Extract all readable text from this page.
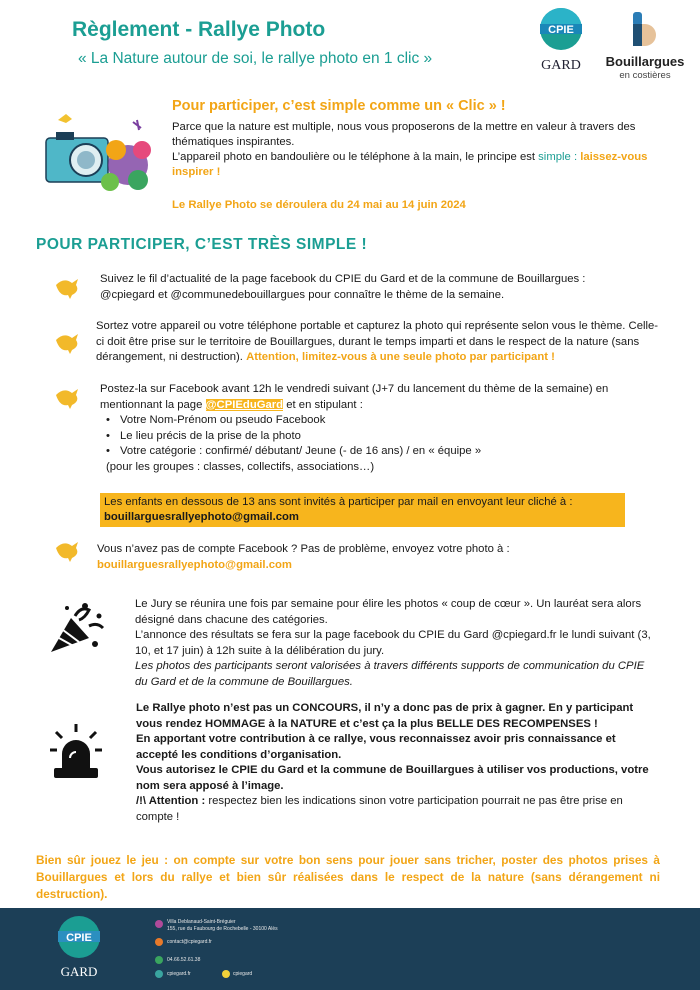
Règlement - Rallye Photo
« La Nature autour de soi, le rallye photo en 1 clic »
CPIE
GARD	Bouillargues
en costières
Pour participer, c’est simple comme un « Clic » !
Parce que la nature est multiple, nous vous proposerons de la mettre en valeur à travers des thématiques inspirantes.
L’appareil photo en bandoulière ou le téléphone à la main, le principe est simple : laissez-vous inspirer !
Le Rallye Photo se déroulera du 24 mai au 14 juin 2024
POUR PARTICIPER, C’EST TRÈS SIMPLE !
Suivez le fil d’actualité de la page facebook du CPIE du Gard et de la commune de Bouillargues : @cpiegard et @communedebouillargues pour connaître le thème de la semaine.
Sortez votre appareil ou votre téléphone portable et capturez la photo qui représente selon vous le thème. Celle-ci doit être prise sur le territoire de Bouillargues, durant le temps imparti et dans le respect de la nature (sans dérangement, ni destruction). Attention, limitez-vous à une seule photo par participant !
Postez-la sur Facebook avant 12h le vendredi suivant (J+7 du lancement du thème de la semaine) en mentionnant la page @CPIEduGard et en stipulant :
• Votre Nom-Prénom ou pseudo Facebook
• Le lieu précis de la prise de la photo
• Votre catégorie : confirmé/ débutant/ Jeune (- de 16 ans) / en « équipe »
(pour les groupes : classes, collectifs, associations…)
Les enfants en dessous de 13 ans sont invités à participer par mail en envoyant leur cliché à :
bouillarguesrallyephoto@gmail.com
Vous n’avez pas de compte Facebook ? Pas de problème, envoyez votre photo à :
bouillarguesrallyephoto@gmail.com
Le Jury se réunira une fois par semaine pour élire les photos « coup de cœur ». Un lauréat sera alors désigné dans chacune des catégories.
L’annonce des résultats se fera sur la page facebook du CPIE du Gard @cpiegard.fr le lundi suivant (3, 10, et 17 juin) à 12h suite à la délibération du jury.
Les photos des participants seront valorisées à travers différents supports de communication du CPIE du Gard et de la commune de Bouillargues.
Le Rallye photo n’est pas un CONCOURS, il n’y a donc pas de prix à gagner. En y participant vous rendez HOMMAGE à la NATURE et c’est ça la plus BELLE DES RECOMPENSES !
En apportant votre contribution à ce rallye, vous reconnaissez avoir pris connaissance et accepté les conditions d’organisation.
Vous autorisez le CPIE du Gard et la commune de Bouillargues à utiliser vos productions, votre nom sera apposé à l’image.
/!\ Attention : respectez bien les indications sinon votre participation pourrait ne pas être prise en compte !
Bien sûr jouez le jeu : on compte sur votre bon sens pour jouer sans tricher, poster des photos prises à Bouillargues et lors du rallye et bien sûr réalisées dans le respect de la nature (sans dérangement ni destruction).
CPIE
GARD
Villa Deblanaud-Saint-Bréguier
155, rue du Faubourg de Rochebelle - 30100 Alès
contact@cpiegard.fr
04.66.52.61.38
cpiegard.fr	cpiegard
